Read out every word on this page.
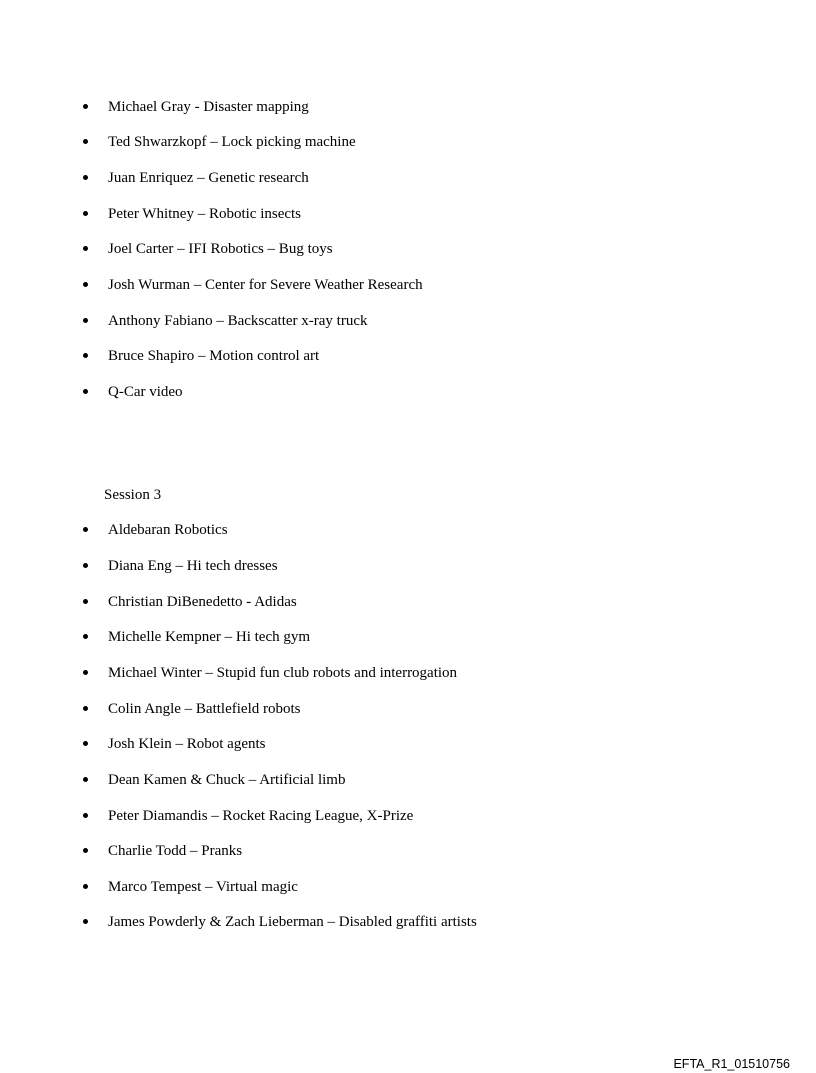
Michael Gray - Disaster mapping
Ted Shwarzkopf – Lock picking machine
Juan Enriquez – Genetic research
Peter Whitney – Robotic insects
Joel Carter – IFI Robotics – Bug toys
Josh Wurman – Center for Severe Weather Research
Anthony Fabiano – Backscatter x-ray truck
Bruce Shapiro – Motion control art
Q-Car video
Session 3
Aldebaran Robotics
Diana Eng – Hi tech dresses
Christian DiBenedetto - Adidas
Michelle Kempner – Hi tech gym
Michael Winter – Stupid fun club robots and interrogation
Colin Angle – Battlefield robots
Josh Klein – Robot agents
Dean Kamen & Chuck – Artificial limb
Peter Diamandis – Rocket Racing League, X-Prize
Charlie Todd – Pranks
Marco Tempest – Virtual magic
James Powderly & Zach Lieberman – Disabled graffiti artists
EFTA_R1_01510756
